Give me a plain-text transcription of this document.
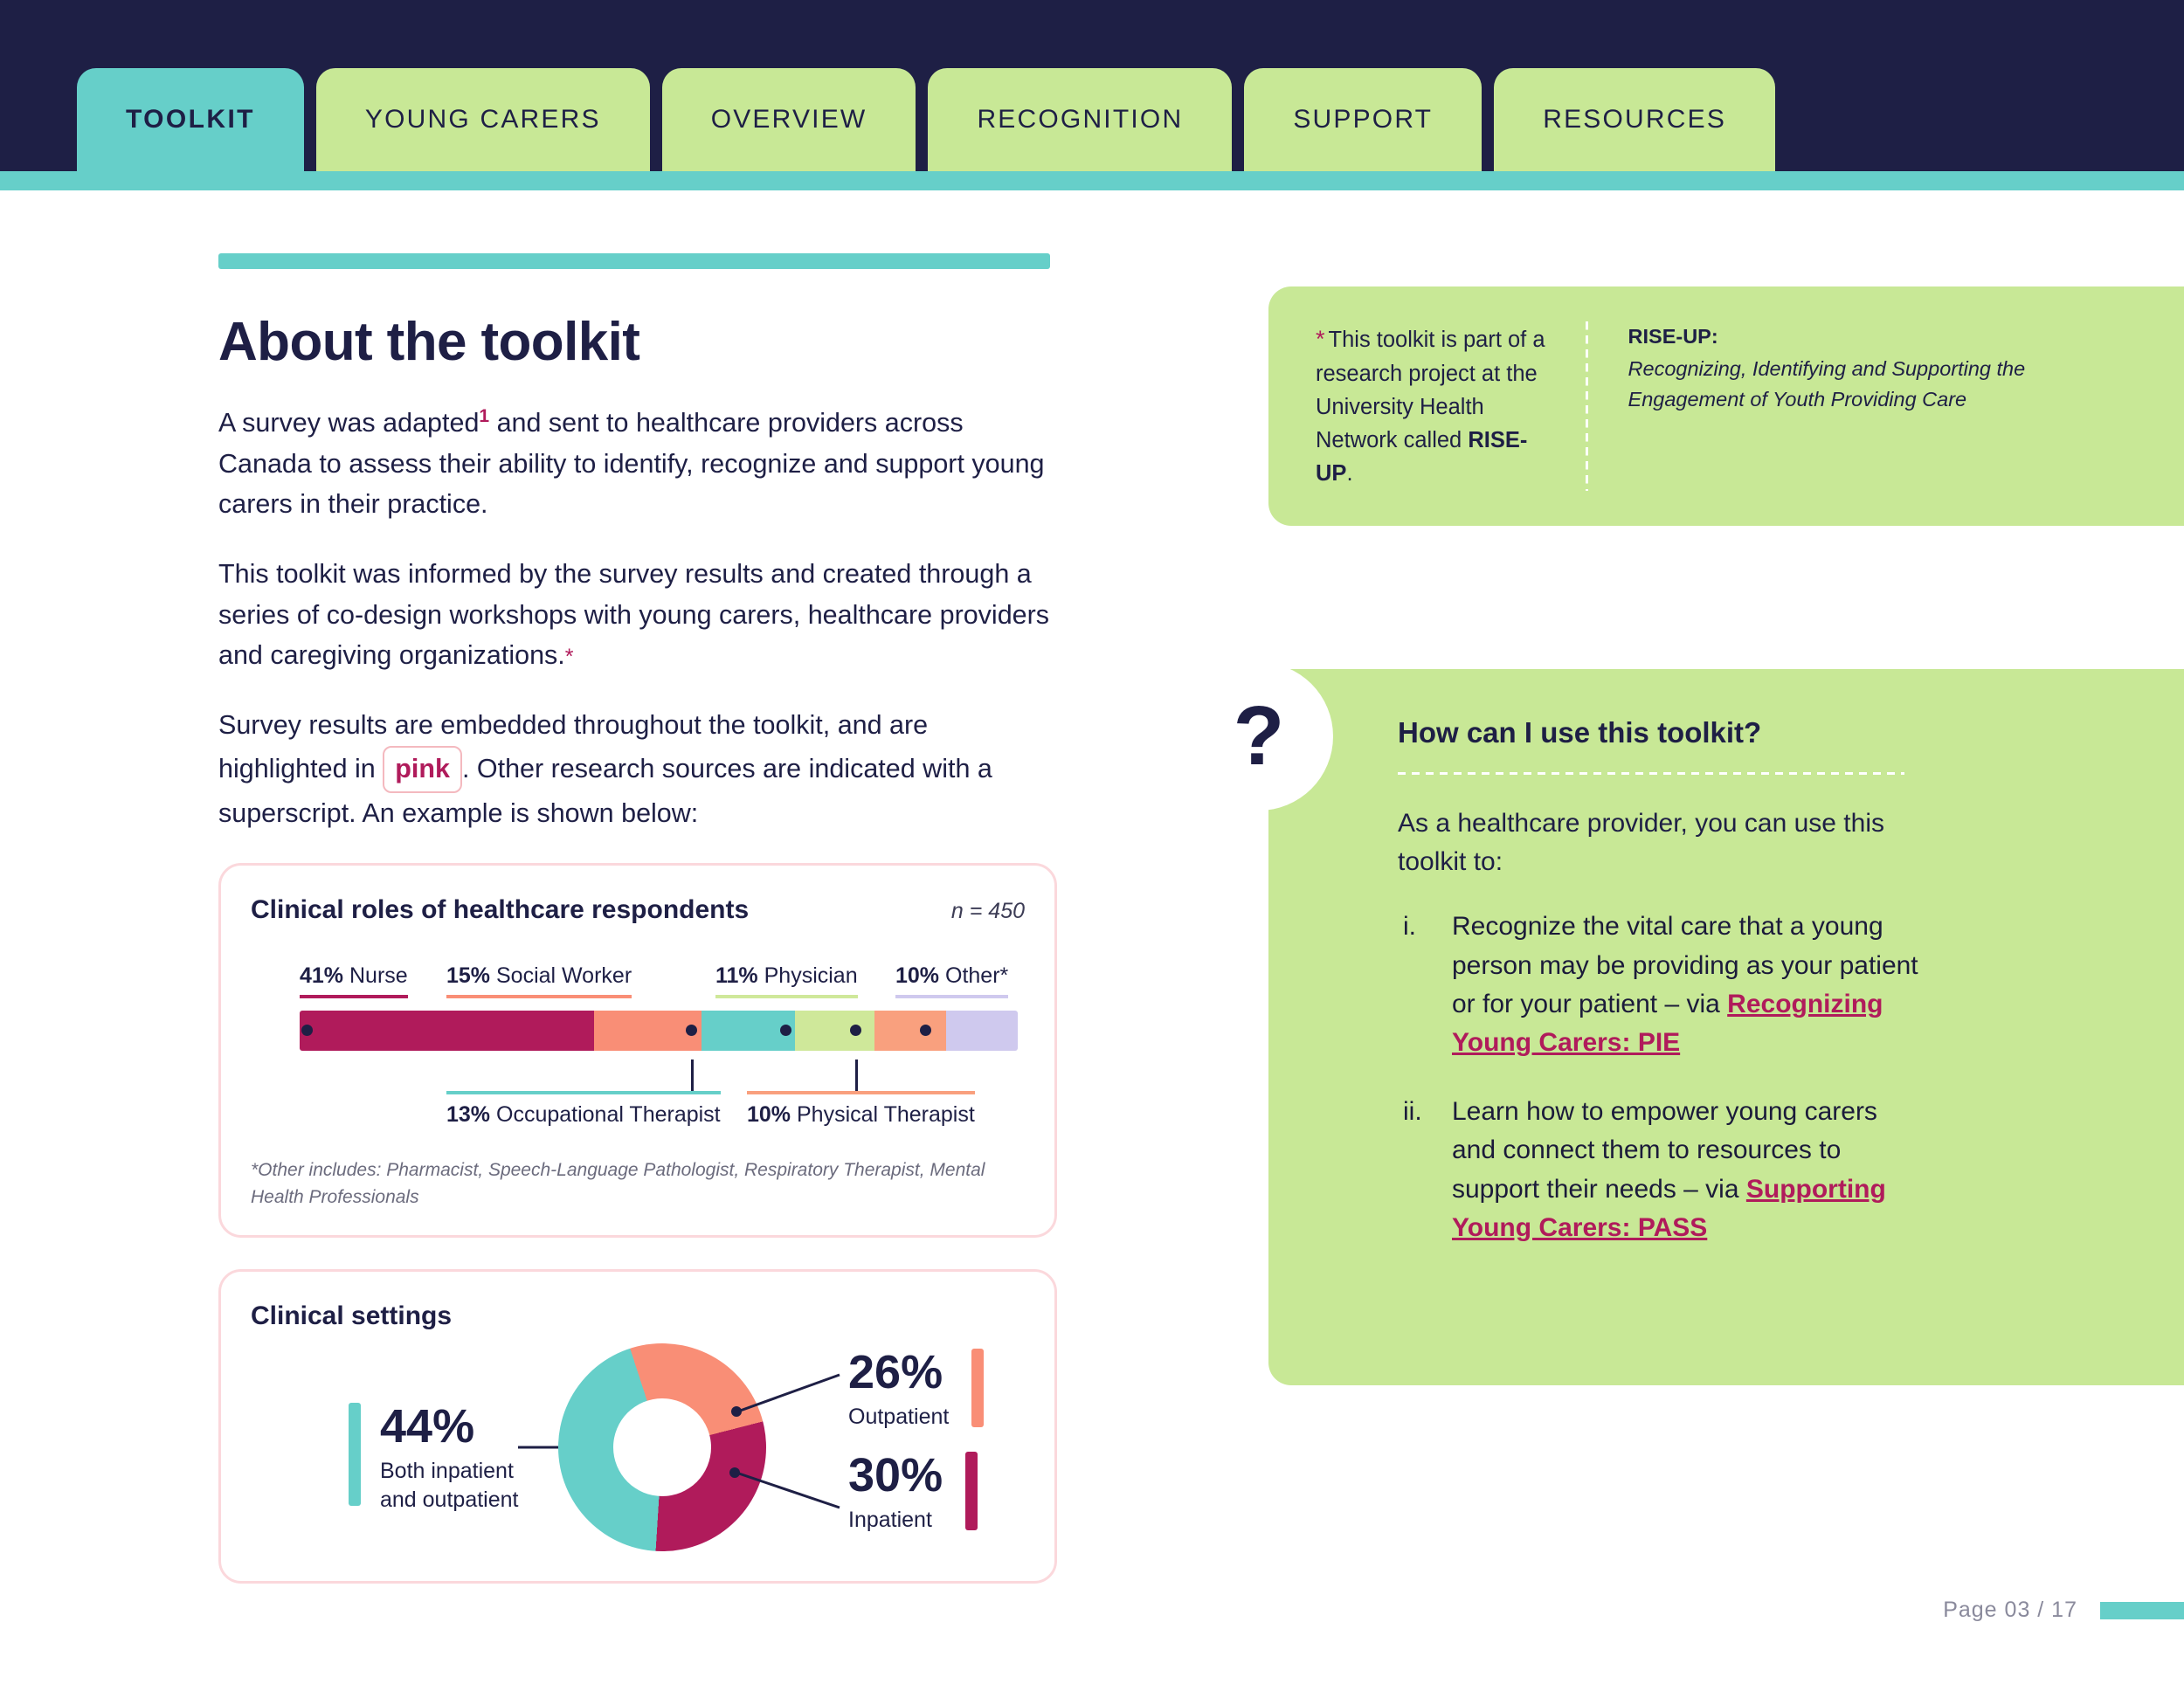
TOOLKIT	YOUNG CARERS	OVERVIEW	RECOGNITION	SUPPORT	RESOURCES
About the toolkit

A survey was adapted$^1$ and sent to healthcare providers across Canada to assess their ability to identify, recognize and support young carers in their practice.

This toolkit was informed by the survey results and created through a series of co-design workshops with young carers, healthcare providers and caregiving organizations.*

Survey results are embedded throughout the toolkit, and are highlighted in pink . Other research sources are indicated with a superscript. An example is shown below:

Clinical roles of healthcare respondents	n = 450
41% Nurse 15% Social Worker	11% Physician 10% Other*
13% Occupational Therapist 10% Physical Therapist
*Other includes: Pharmacist, Speech-Language Pathologist, Respiratory Therapist, Mental Health Professionals
Clinical settings
44%
Both inpatient and outpatient
26%
Outpatient
30%
Inpatient
* This toolkit is part of a research project at the University Health Network called RISE-UP.
RISE-UP:
Recognizing, Identifying and Supporting the Engagement of Youth Providing Care
?	How can I use this toolkit?
As a healthcare provider, you can use this toolkit to:
i. Recognize the vital care that a young person may be providing as your patient or for your patient – via Recognizing Young Carers: PIE
ii. Learn how to empower young carers and connect them to resources to support their needs – via Supporting Young Carers: PASS
Page 03 / 17
